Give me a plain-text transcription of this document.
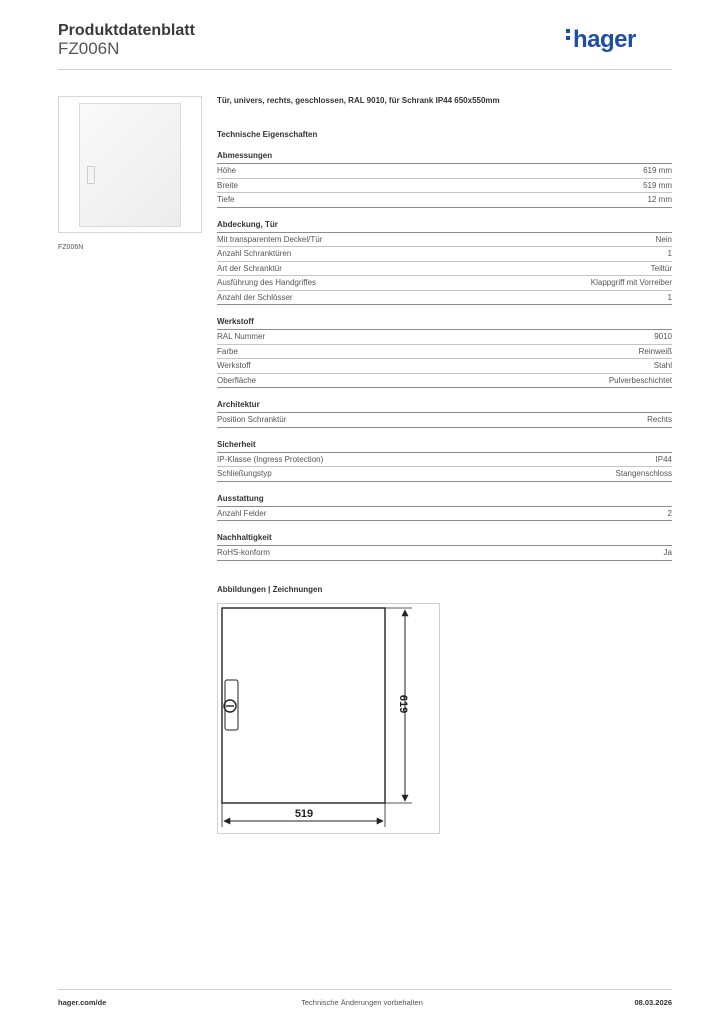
Produktdatenblatt
FZ006N	hager
FZ006N
Tür, univers, rechts, geschlossen, RAL 9010, für Schrank IP44 650x550mm
Technische Eigenschaften
Abmessungen
Höhe	619 mm
Breite	519 mm
Tiefe	12 mm
Abdeckung, Tür
Mit transparentem Deckel/Tür	Nein
Anzahl Schranktüren	1
Art der Schranktür	Teiltür
Ausführung des Handgriffes	Klappgriff mit Vorreiber
Anzahl der Schlösser	1
Werkstoff
RAL Nummer	9010
Farbe	Reinweiß
Werkstoff	Stahl
Oberfläche	Pulverbeschichtet
Architektur
Position Schranktür	Rechts
Sicherheit
IP-Klasse (Ingress Protection)	IP44
Schließungstyp	Stangenschloss
Ausstattung
Anzahl Felder	2
Nachhaltigkeit
RoHS-konform	Ja
Abbildungen | Zeichnungen
519
619
hager.com/de	Technische Änderungen vorbehalten	08.03.2026
